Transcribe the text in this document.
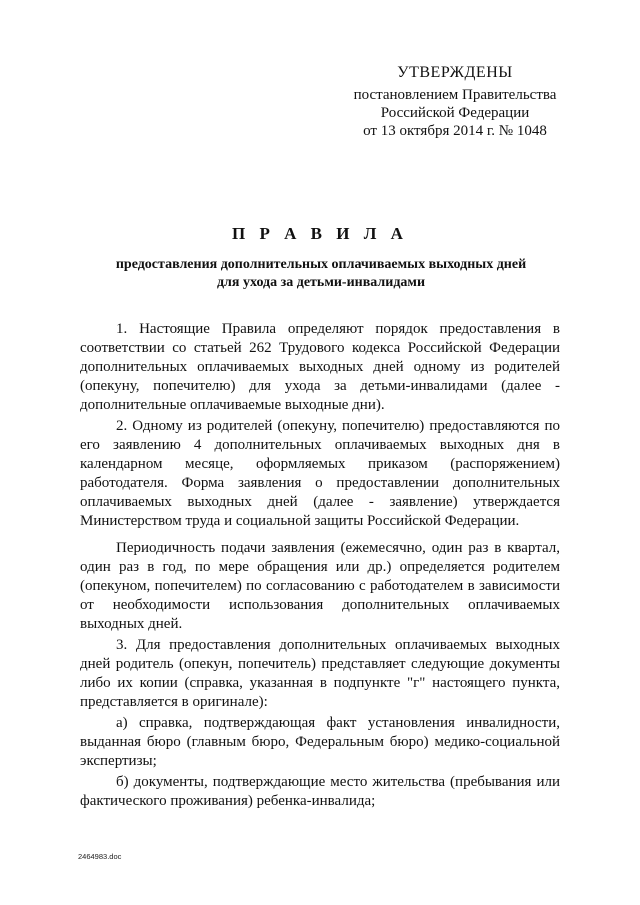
УТВЕРЖДЕНЫ
постановлением Правительства
Российской Федерации
от 13 октября 2014 г. № 1048
П Р А В И Л А
предоставления дополнительных оплачиваемых выходных дней
для ухода за детьми-инвалидами

1. Настоящие Правила определяют порядок предоставления в соответствии со статьей 262 Трудового кодекса Российской Федерации дополнительных оплачиваемых выходных дней одному из родителей (опекуну, попечителю) для ухода за детьми-инвалидами (далее - дополнительные оплачиваемые выходные дни).

2. Одному из родителей (опекуну, попечителю) предоставляются по его заявлению 4 дополнительных оплачиваемых выходных дня в календарном месяце, оформляемых приказом (распоряжением) работодателя. Форма заявления о предоставлении дополнительных оплачиваемых выходных дней (далее - заявление) утверждается Министерством труда и социальной защиты Российской Федерации.

Периодичность подачи заявления (ежемесячно, один раз в квартал, один раз в год, по мере обращения или др.) определяется родителем (опекуном, попечителем) по согласованию с работодателем в зависимости от необходимости использования дополнительных оплачиваемых выходных дней.

3. Для предоставления дополнительных оплачиваемых выходных дней родитель (опекун, попечитель) представляет следующие документы либо их копии (справка, указанная в подпункте "г" настоящего пункта, представляется в оригинале):

а) справка, подтверждающая факт установления инвалидности, выданная бюро (главным бюро, Федеральным бюро) медико-социальной экспертизы;

б) документы, подтверждающие место жительства (пребывания или фактического проживания) ребенка-инвалида;

2464983.doc
